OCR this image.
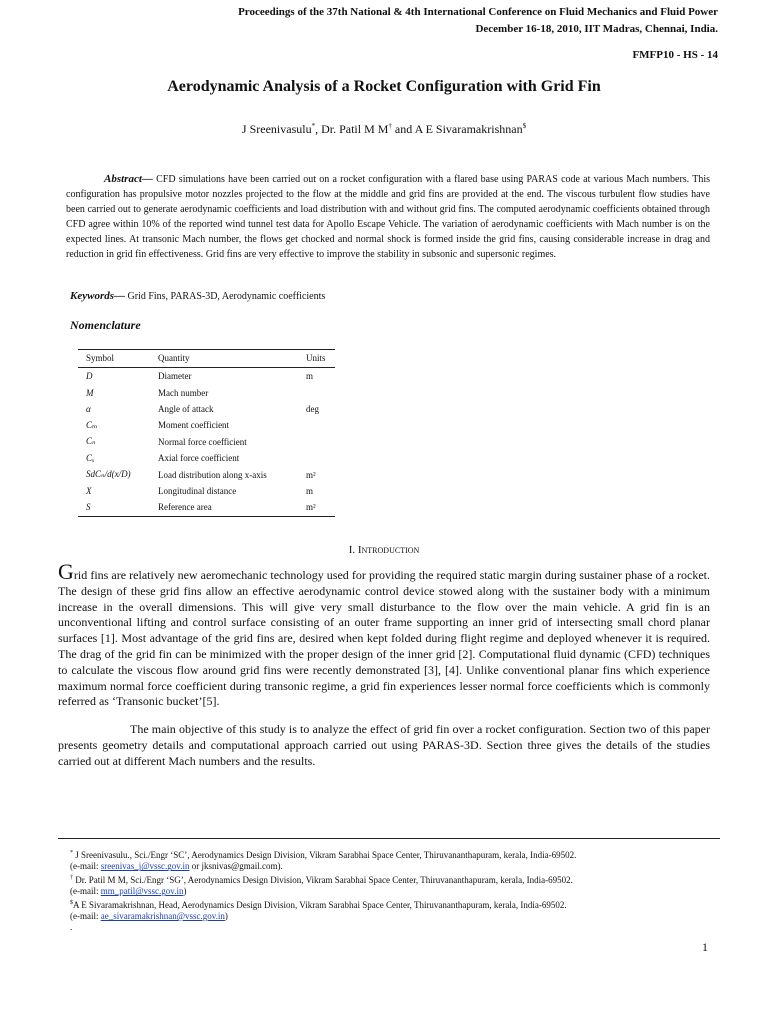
Proceedings of the 37th National & 4th International Conference on Fluid Mechanics and Fluid Power
December 16-18, 2010, IIT Madras, Chennai, India.
FMFP10 - HS - 14
Aerodynamic Analysis of a Rocket Configuration with Grid Fin
J Sreenivasulu*, Dr. Patil M M† and A E Sivaramakrishnan$
Abstract— CFD simulations have been carried out on a rocket configuration with a flared base using PARAS code at various Mach numbers. This configuration has propulsive motor nozzles projected to the flow at the middle and grid fins are provided at the end. The viscous turbulent flow studies have been carried out to generate aerodynamic coefficients and load distribution with and without grid fins. The computed aerodynamic coefficients obtained through CFD agree within 10% of the reported wind tunnel test data for Apollo Escape Vehicle. The variation of aerodynamic coefficients with Mach number is on the expected lines. At transonic Mach number, the flows get chocked and normal shock is formed inside the grid fins, causing considerable increase in drag and reduction in grid fin effectiveness. Grid fins are very effective to improve the stability in subsonic and supersonic regimes.
Keywords— Grid Fins, PARAS-3D, Aerodynamic coefficients
Nomenclature
Symbol	Quantity	Units
D	Diameter	m
M	Mach number	
α	Angle of attack	deg
Cₘ	Moment coefficient	
Cₙ	Normal force coefficient	
Cₓ	Axial force coefficient	
SdCₙ/d(x/D)	Load distribution along x-axis	m²
X	Longitudinal distance	m
S	Reference area	m²
I. Introduction
Grid fins are relatively new aeromechanic technology used for providing the required static margin during sustainer phase of a rocket. The design of these grid fins allow an effective aerodynamic control device stowed along with the sustainer body with a minimum increase in the overall dimensions. This will give very small disturbance to the flow over the main vehicle. A grid fin is an unconventional lifting and control surface consisting of an outer frame supporting an inner grid of intersecting small chord planar surfaces [1]. Most advantage of the grid fins are, desired when kept folded during flight regime and deployed whenever it is required. The drag of the grid fin can be minimized with the proper design of the inner grid [2]. Computational fluid dynamic (CFD) techniques to calculate the viscous flow around grid fins were recently demonstrated [3], [4]. Unlike conventional planar fins which experience maximum normal force coefficient during transonic regime, a grid fin experiences lesser normal force coefficients which is commonly referred as ‘Transonic bucket’[5].
The main objective of this study is to analyze the effect of grid fin over a rocket configuration. Section two of this paper presents geometry details and computational approach carried out using PARAS-3D. Section three gives the details of the studies carried out at different Mach numbers and the results.
* J Sreenivasulu., Sci./Engr ‘SC’, Aerodynamics Design Division, Vikram Sarabhai Space Center, Thiruvananthapuram, kerala, India-69502.
(e-mail: sreenivas_j@vssc.gov.in or jksnivas@gmail.com).
† Dr. Patil M M, Sci./Engr ‘SG’, Aerodynamics Design Division, Vikram Sarabhai Space Center, Thiruvananthapuram, kerala, India-69502.
(e-mail: mm_patil@vssc.gov.in)
$A E Sivaramakrishnan, Head, Aerodynamics Design Division, Vikram Sarabhai Space Center, Thiruvananthapuram, kerala, India-69502.
(e-mail: ae_sivaramakrishnan@vssc.gov.in)
.
1
